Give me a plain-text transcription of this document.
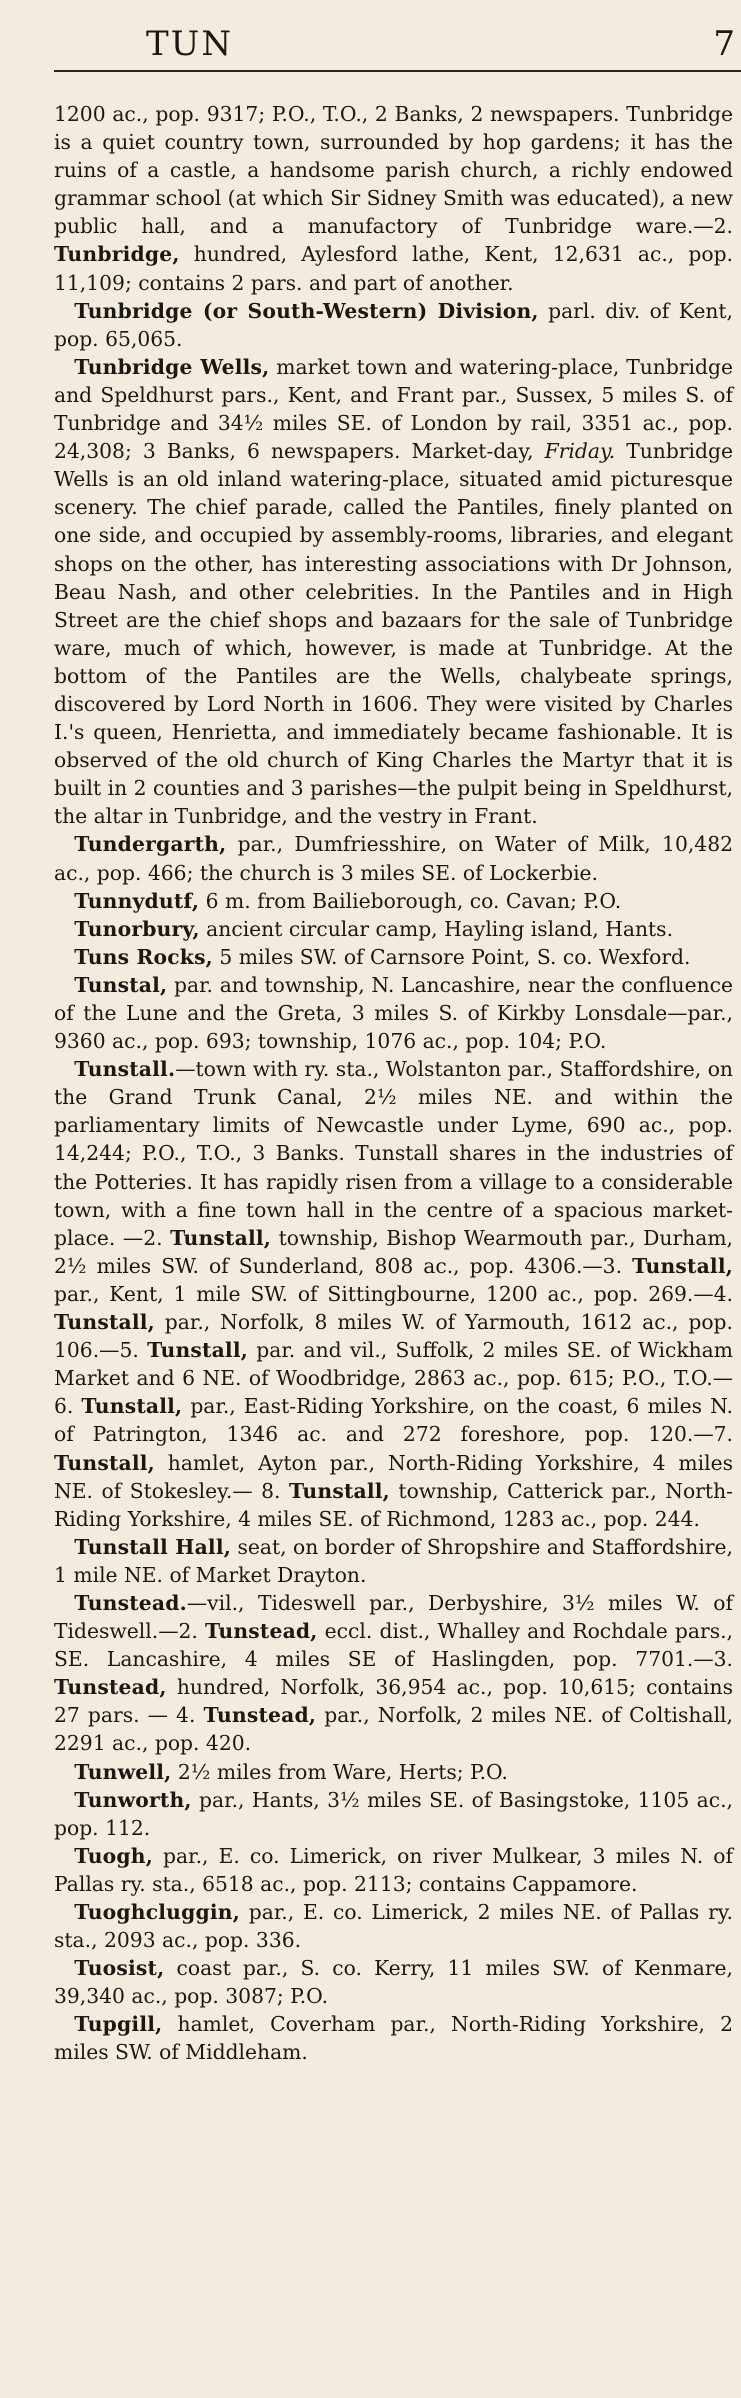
TUN	7

1200 ac., pop. 9317; P.O., T.O., 2 Banks, 2 newspapers. Tunbridge is a quiet country town, surrounded by hop gardens; it has the ruins of a castle, a handsome parish church, a richly endowed grammar school (at which Sir Sidney Smith was educated), a new public hall, and a manufactory of Tunbridge ware.—2. Tunbridge, hundred, Aylesford lathe, Kent, 12,631 ac., pop. 11,109; contains 2 pars. and part of another.

 Tunbridge (or South-Western) Division, parl. div. of Kent, pop. 65,065.

 Tunbridge Wells, market town and watering-place, Tunbridge and Speldhurst pars., Kent, and Frant par., Sussex, 5 miles S. of Tunbridge and 34½ miles SE. of London by rail, 3351 ac., pop. 24,308; 3 Banks, 6 newspapers. Market-day, Friday. Tunbridge Wells is an old inland watering-place, situated amid picturesque scenery. The chief parade, called the Pantiles, finely planted on one side, and occupied by assembly-rooms, libraries, and elegant shops on the other, has interesting associations with Dr Johnson, Beau Nash, and other celebrities. In the Pantiles and in High Street are the chief shops and bazaars for the sale of Tunbridge ware, much of which, however, is made at Tunbridge. At the bottom of the Pantiles are the Wells, chalybeate springs, discovered by Lord North in 1606. They were visited by Charles I.'s queen, Henrietta, and immediately became fashionable. It is observed of the old church of King Charles the Martyr that it is built in 2 counties and 3 parishes—the pulpit being in Speldhurst, the altar in Tunbridge, and the vestry in Frant.

 Tundergarth, par., Dumfriesshire, on Water of Milk, 10,482 ac., pop. 466; the church is 3 miles SE. of Lockerbie.

 Tunnydutf, 6 m. from Bailieborough, co. Cavan; P.O.

 Tunorbury, ancient circular camp, Hayling island, Hants.

 Tuns Rocks, 5 miles SW. of Carnsore Point, S. co. Wexford.

 Tunstal, par. and township, N. Lancashire, near the confluence of the Lune and the Greta, 3 miles S. of Kirkby Lonsdale—par., 9360 ac., pop. 693; township, 1076 ac., pop. 104; P.O.

 Tunstall.—town with ry. sta., Wolstanton par., Staffordshire, on the Grand Trunk Canal, 2½ miles NE. and within the parliamentary limits of Newcastle under Lyme, 690 ac., pop. 14,244; P.O., T.O., 3 Banks. Tunstall shares in the industries of the Potteries. It has rapidly risen from a village to a considerable town, with a fine town hall in the centre of a spacious market-place. —2. Tunstall, township, Bishop Wearmouth par., Durham, 2½ miles SW. of Sunderland, 808 ac., pop. 4306.—3. Tunstall, par., Kent, 1 mile SW. of Sittingbourne, 1200 ac., pop. 269.—4. Tunstall, par., Norfolk, 8 miles W. of Yarmouth, 1612 ac., pop. 106.—5. Tunstall, par. and vil., Suffolk, 2 miles SE. of Wickham Market and 6 NE. of Woodbridge, 2863 ac., pop. 615; P.O., T.O.—6. Tunstall, par., East-Riding Yorkshire, on the coast, 6 miles N. of Patrington, 1346 ac. and 272 foreshore, pop. 120.—7. Tunstall, hamlet, Ayton par., North-Riding Yorkshire, 4 miles NE. of Stokesley.— 8. Tunstall, township, Catterick par., North-Riding Yorkshire, 4 miles SE. of Richmond, 1283 ac., pop. 244.

 Tunstall Hall, seat, on border of Shropshire and Staffordshire, 1 mile NE. of Market Drayton.

 Tunstead.—vil., Tideswell par., Derbyshire, 3½ miles W. of Tideswell.—2. Tunstead, eccl. dist., Whalley and Rochdale pars., SE. Lancashire, 4 miles SE of Haslingden, pop. 7701.—3. Tunstead, hundred, Norfolk, 36,954 ac., pop. 10,615; contains 27 pars. — 4. Tunstead, par., Norfolk, 2 miles NE. of Coltishall, 2291 ac., pop. 420.

 Tunwell, 2½ miles from Ware, Herts; P.O.

 Tunworth, par., Hants, 3½ miles SE. of Basingstoke, 1105 ac., pop. 112.

 Tuogh, par., E. co. Limerick, on river Mulkear, 3 miles N. of Pallas ry. sta., 6518 ac., pop. 2113; contains Cappamore.

 Tuoghcluggin, par., E. co. Limerick, 2 miles NE. of Pallas ry. sta., 2093 ac., pop. 336.

 Tuosist, coast par., S. co. Kerry, 11 miles SW. of Kenmare, 39,340 ac., pop. 3087; P.O.

 Tupgill, hamlet, Coverham par., North-Riding Yorkshire, 2 miles SW. of Middleham.
